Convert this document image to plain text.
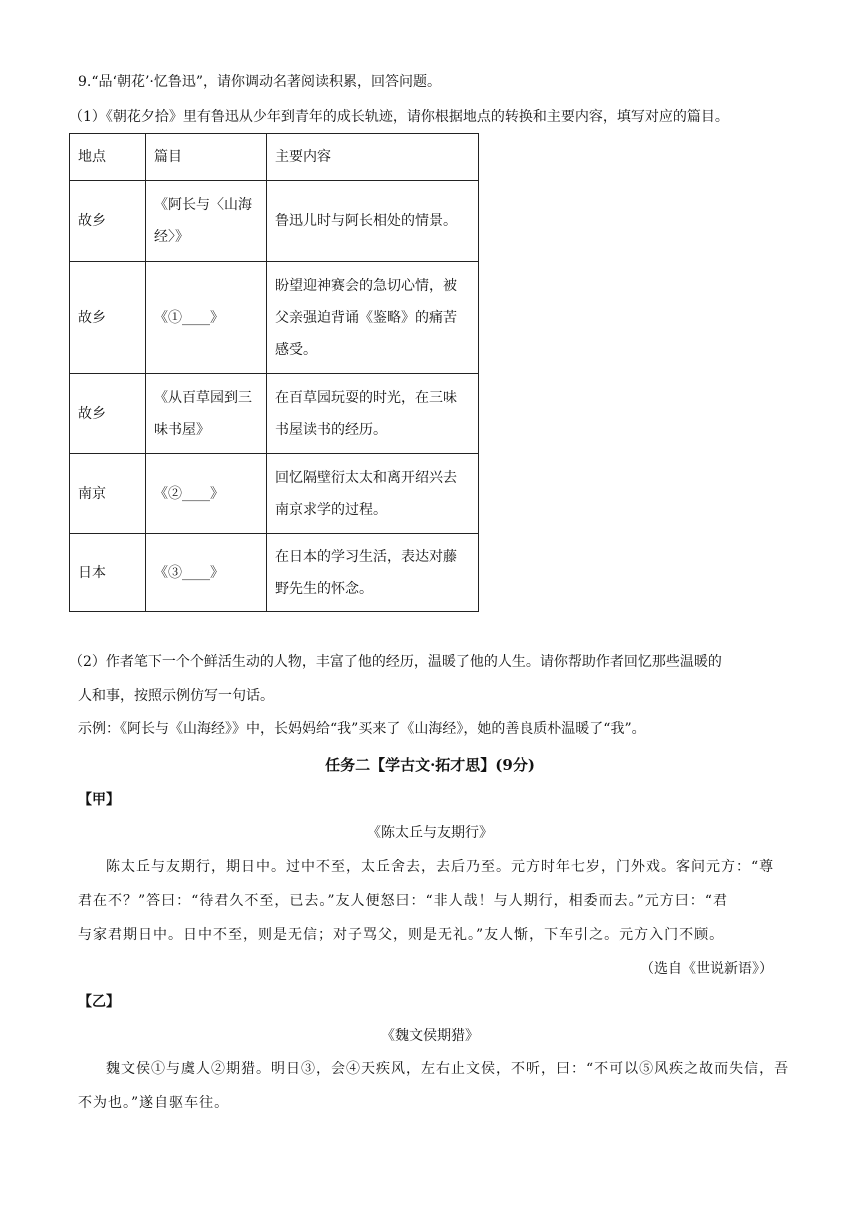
9.“品‘朝花’·忆鲁迅”，请你调动名著阅读积累，回答问题。
（1）《朝花夕拾》里有鲁迅从少年到青年的成长轨迹，请你根据地点的转换和主要内容，填写对应的篇目。
地点	篇目	主要内容
故乡	《阿长与〈山海经〉》	鲁迅儿时与阿长相处的情景。
故乡	《①____》	盼望迎神赛会的急切心情，被父亲强迫背诵《鉴略》的痛苦感受。
故乡	《从百草园到三味书屋》	在百草园玩耍的时光，在三味书屋读书的经历。
南京	《②____》	回忆隔壁衍太太和离开绍兴去南京求学的过程。
日本	《③____》	在日本的学习生活，表达对藤野先生的怀念。
（2）作者笔下一个个鲜活生动的人物，丰富了他的经历，温暖了他的人生。请你帮助作者回忆那些温暖的
人和事，按照示例仿写一句话。
示例：《阿长与《山海经》》中，长妈妈给“我”买来了《山海经》，她的善良质朴温暖了“我”。
任务二【学古文·拓才思】(9分)
【甲】
《陈太丘与友期行》
陈太丘与友期行，期日中。过中不至，太丘舍去，去后乃至。元方时年七岁，门外戏。客问元方：“尊
君在不？”答曰：“待君久不至，已去。”友人便怒曰：“非人哉！与人期行，相委而去。”元方曰：“君
与家君期日中。日中不至，则是无信；对子骂父，则是无礼。”友人惭，下车引之。元方入门不顾。
（选自《世说新语》）
【乙】
《魏文侯期猎》
魏文侯①与虞人②期猎。明日③，会④天疾风，左右止文侯，不听，曰：“不可以⑤风疾之故而失信，吾
不为也。”遂自驱车往。
